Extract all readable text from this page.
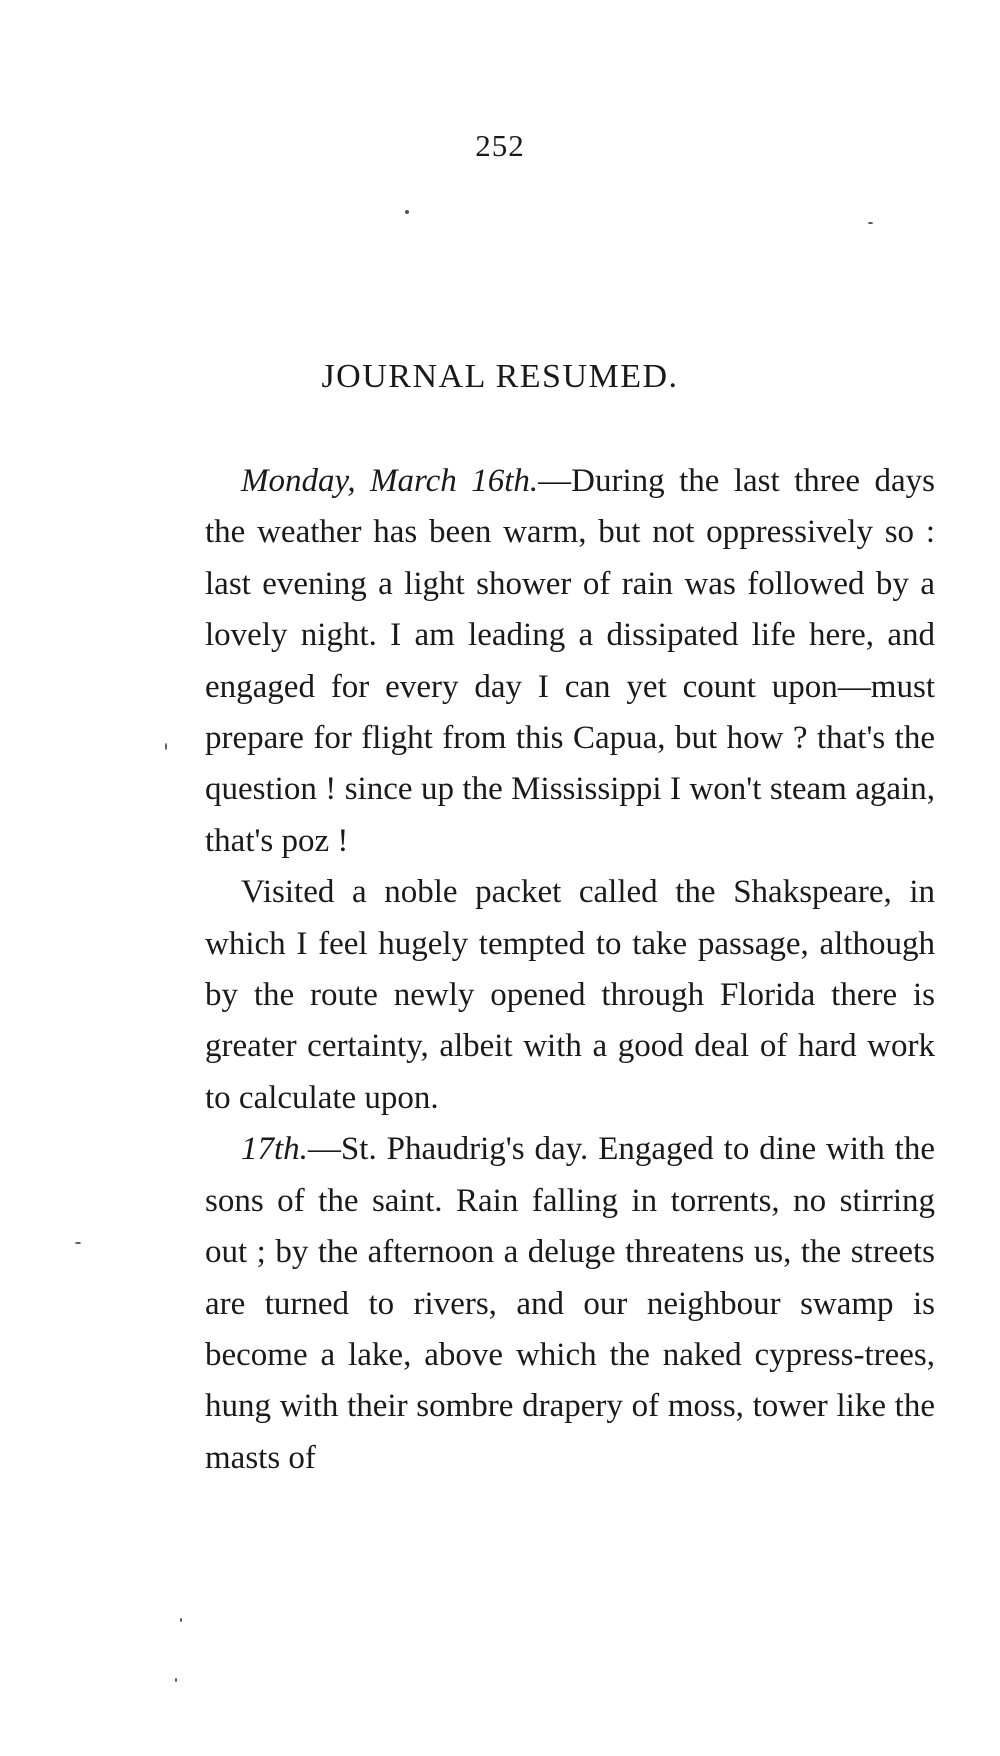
252
JOURNAL RESUMED.

Monday, March 16th.—During the last three days the weather has been warm, but not oppressively so : last evening a light shower of rain was followed by a lovely night. I am leading a dissipated life here, and engaged for every day I can yet count upon—must prepare for flight from this Capua, but how ? that's the question ! since up the Mississippi I won't steam again, that's poz !

Visited a noble packet called the Shakspeare, in which I feel hugely tempted to take passage, although by the route newly opened through Florida there is greater certainty, albeit with a good deal of hard work to calculate upon.

17th.—St. Phaudrig's day. Engaged to dine with the sons of the saint. Rain falling in torrents, no stirring out ; by the afternoon a deluge threatens us, the streets are turned to rivers, and our neighbour swamp is become a lake, above which the naked cypress-trees, hung with their sombre drapery of moss, tower like the masts of
